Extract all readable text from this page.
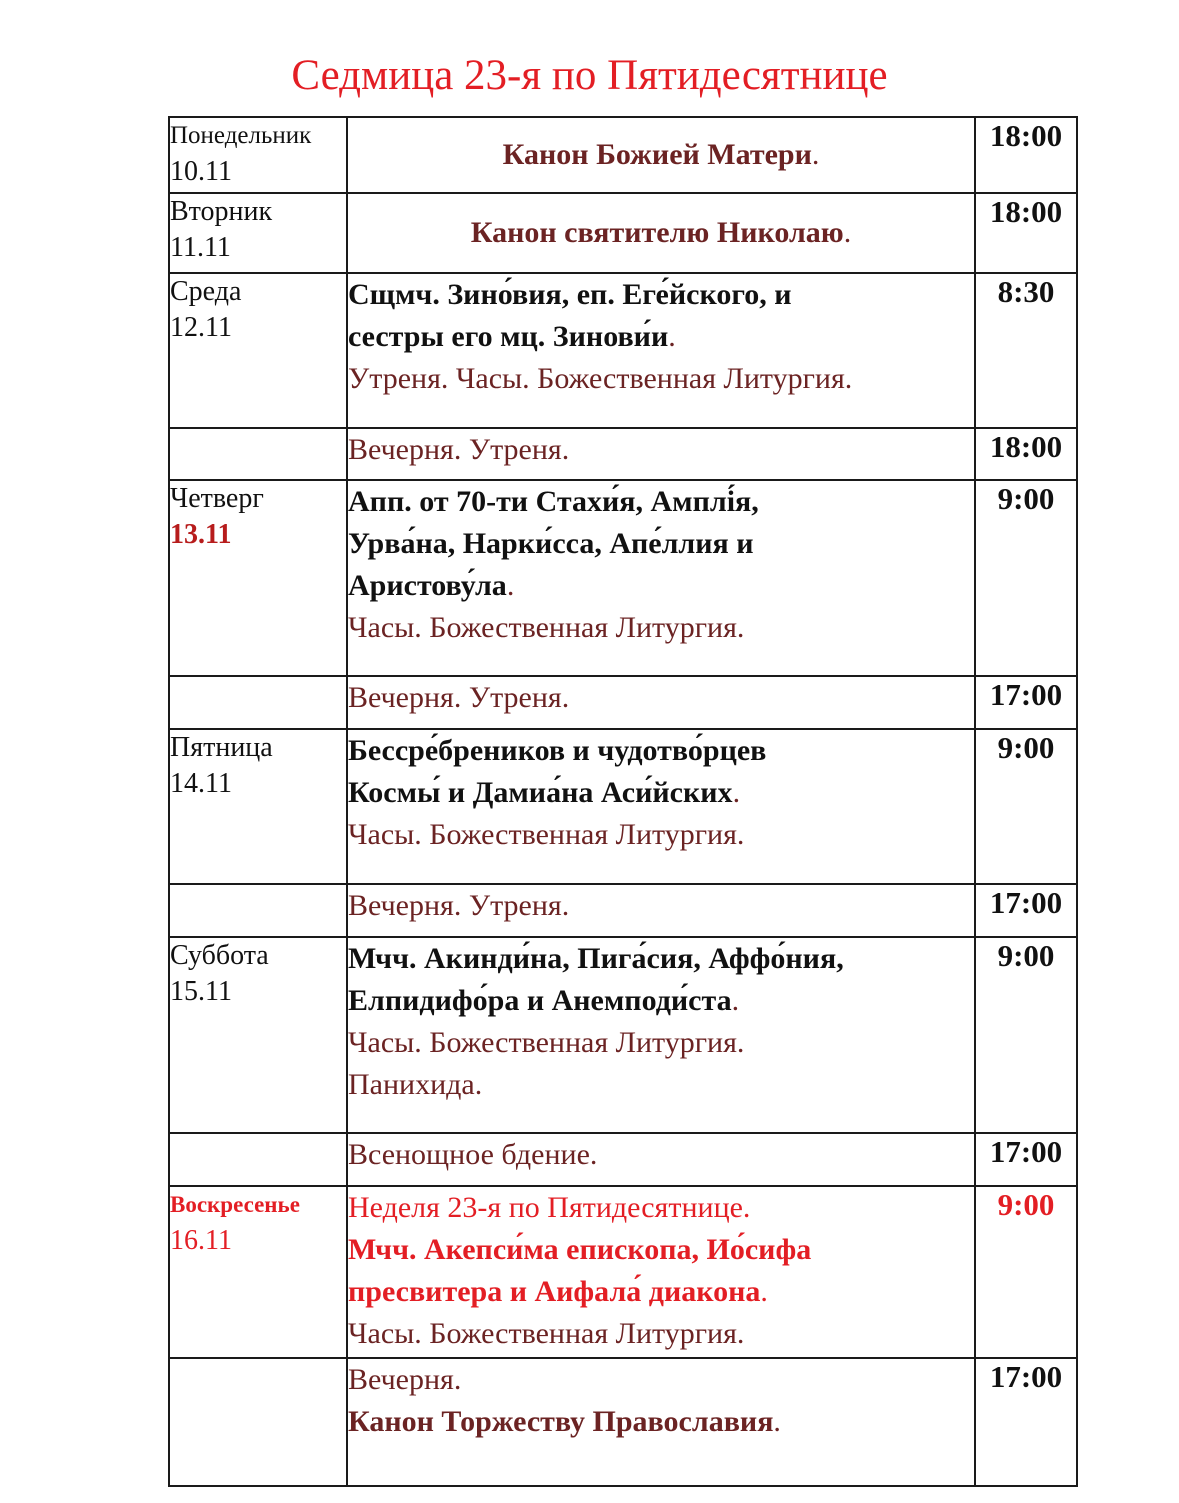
Седмица 23-я по Пятидесятнице
Понедельник
10.11	Канон Божией Матери.	18:00

Вторник
11.11	Канон святителю Николаю.	18:00

Среда
12.11	Сщмч. Зино́вия, еп. Еге́йского, и
сестры его мц. Зинови́и.
Утреня. Часы. Божественная Литургия.	8:30

	Вечерня. Утреня.	18:00

Четверг
13.11	Апп. от 70-ти Стахи́я, Амплі́я,
Урва́на, Нарки́сса, Апе́ллия и
Аристову́ла.
Часы. Божественная Литургия.	9:00

	Вечерня. Утреня.	17:00

Пятница
14.11	Бессре́бреников и чудотво́рцев
Космы́ и Дамиа́на Аси́йских.
Часы. Божественная Литургия.	9:00

	Вечерня. Утреня.	17:00

Суббота
15.11	Мчч. Акинди́на, Пига́сия, Аффо́ния,
Елпидифо́ра и Анемподи́ста.
Часы. Божественная Литургия.
Панихида.	9:00

	Всенощное бдение.	17:00

Воскресенье
16.11	Неделя 23-я по Пятидесятнице.
Мчч. Акепси́ма епископа, Ио́сифа
пресвитера и Аифала́ диакона.
Часы. Божественная Литургия.	9:00

	Вечерня.
Канон Торжеству Православия.	17:00
